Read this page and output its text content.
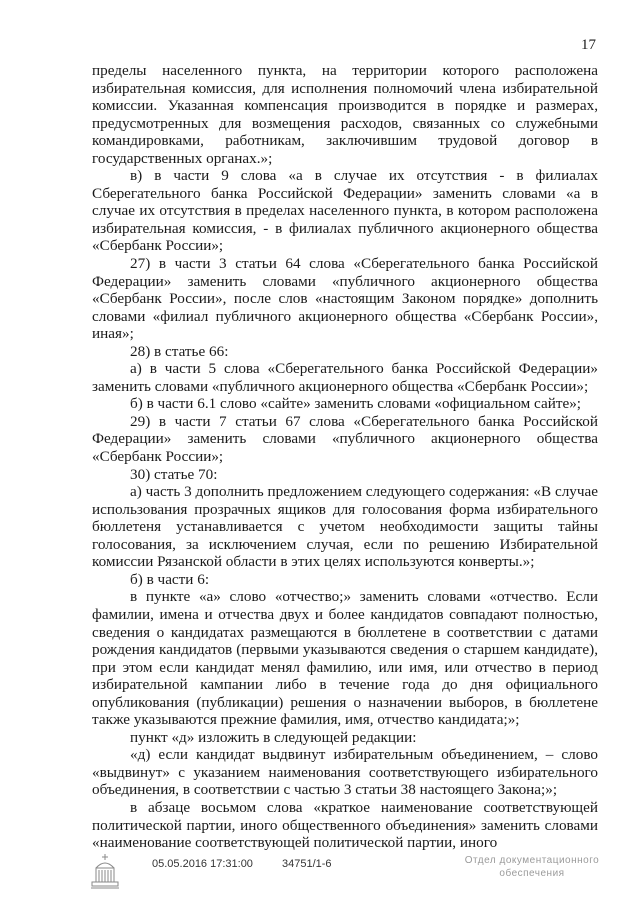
17

пределы населенного пункта, на территории которого расположена избирательная комиссия, для исполнения полномочий члена избирательной комиссии. Указанная компенсация производится в порядке и размерах, предусмотренных для возмещения расходов, связанных со служебными командировками, работникам, заключившим трудовой договор в государственных органах.»;

в) в части 9 слова «а в случае их отсутствия - в филиалах Сберегательного банка Российской Федерации» заменить словами «а в случае их отсутствия в пределах населенного пункта, в котором расположена избирательная комиссия, - в филиалах публичного акционерного общества «Сбербанк России»;

27) в части 3 статьи 64 слова «Сберегательного банка Российской Федерации» заменить словами «публичного акционерного общества «Сбербанк России», после слов «настоящим Законом порядке» дополнить словами «филиал публичного акционерного общества «Сбербанк России», иная»;

28) в статье 66:

а) в части 5 слова «Сберегательного банка Российской Федерации» заменить словами «публичного акционерного общества «Сбербанк России»;

б) в части 6.1 слово «сайте» заменить словами «официальном сайте»;

29) в части 7 статьи 67 слова «Сберегательного банка Российской Федерации» заменить словами «публичного акционерного общества «Сбербанк России»;

30) статье 70:

а) часть 3 дополнить предложением следующего содержания: «В случае использования прозрачных ящиков для голосования форма избирательного бюллетеня устанавливается с учетом необходимости защиты тайны голосования, за исключением случая, если по решению Избирательной комиссии Рязанской области в этих целях используются конверты.»;

б) в части 6:

в пункте «а» слово «отчество;» заменить словами «отчество. Если фамилии, имена и отчества двух и более кандидатов совпадают полностью, сведения о кандидатах размещаются в бюллетене в соответствии с датами рождения кандидатов (первыми указываются сведения о старшем кандидате), при этом если кандидат менял фамилию, или имя, или отчество в период избирательной кампании либо в течение года до дня официального опубликования (публикации) решения о назначении выборов, в бюллетене также указываются прежние фамилия, имя, отчество кандидата;»;

пункт «д» изложить в следующей редакции:

«д) если кандидат выдвинут избирательным объединением, – слово «выдвинут» с указанием наименования соответствующего избирательного объединения, в соответствии с частью 3 статьи 38 настоящего Закона;»;

в абзаце восьмом слова «краткое наименование соответствующей политической партии, иного общественного объединения» заменить словами «наименование соответствующей политической партии, иного

05.05.2016 17:31:00	34751/1-6	Отдел документационного
обеспечения
